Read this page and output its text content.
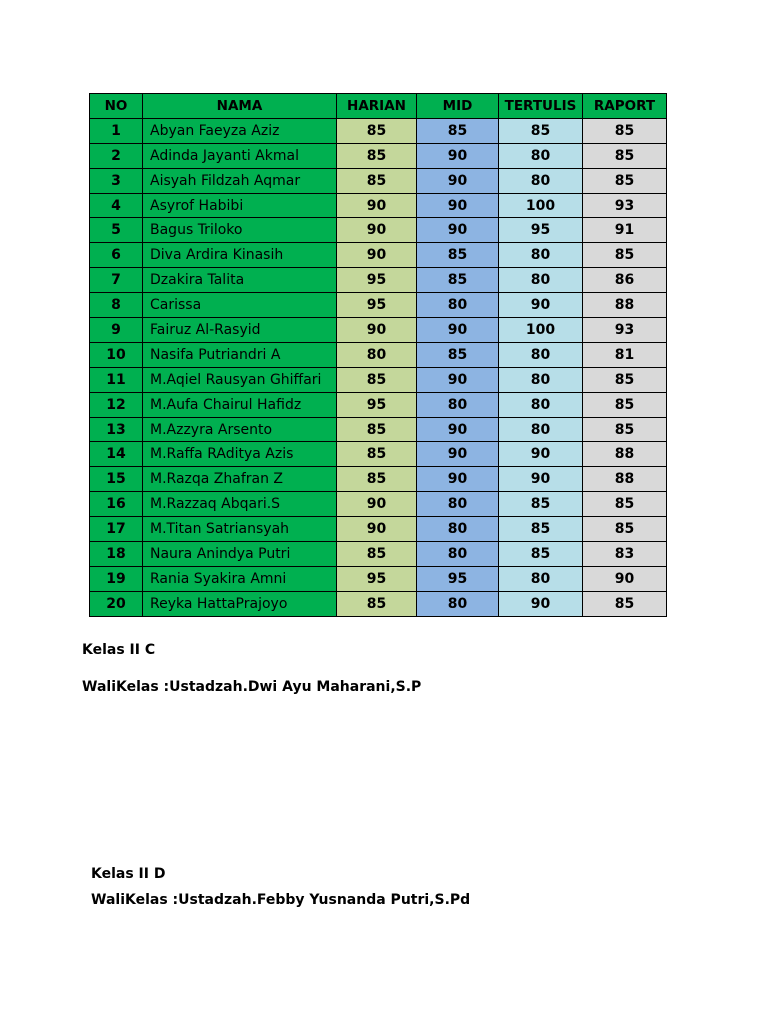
NO	NAMA	HARIAN	MID	TERTULIS	RAPORT
1	Abyan Faeyza Aziz	85	85	85	85
2	Adinda Jayanti Akmal	85	90	80	85
3	Aisyah Fildzah Aqmar	85	90	80	85
4	Asyrof Habibi	90	90	100	93
5	Bagus Triloko	90	90	95	91
6	Diva Ardira Kinasih	90	85	80	85
7	Dzakira Talita	95	85	80	86
8	Carissa	95	80	90	88
9	Fairuz Al-Rasyid	90	90	100	93
10	Nasifa Putriandri A	80	85	80	81
11	M.Aqiel Rausyan Ghiffari	85	90	80	85
12	M.Aufa Chairul Hafidz	95	80	80	85
13	M.Azzyra Arsento	85	90	80	85
14	M.Raffa RAditya Azis	85	90	90	88
15	M.Razqa Zhafran Z	85	90	90	88
16	M.Razzaq Abqari.S	90	80	85	85
17	M.Titan Satriansyah	90	80	85	85
18	Naura Anindya Putri	85	80	85	83
19	Rania Syakira Amni	95	95	80	90
20	Reyka HattaPrajoyo	85	80	90	85
Kelas II C
WaliKelas :Ustadzah.Dwi Ayu Maharani,S.P
Kelas II D
WaliKelas :Ustadzah.Febby Yusnanda Putri,S.Pd
